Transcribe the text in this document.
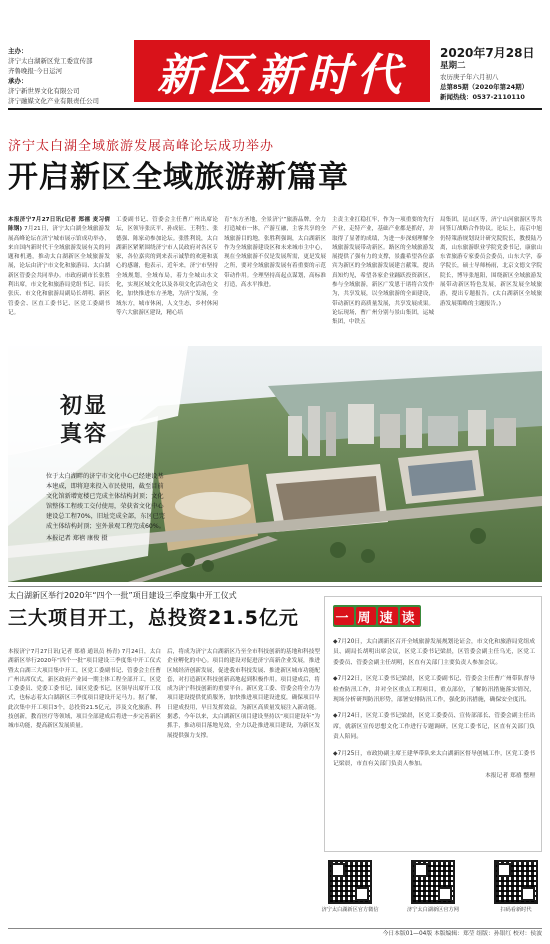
主办：
济宁太白湖新区党工委宣传部
齐鲁晚报·今日运河
承办：
济宁新世界文化有限公司
济宁融媒文化产业有限责任公司	新区新时代	2020年7月28日
星期二
农历庚子年六月初八
总第85期（2020年第24期）
新闻热线：0537-2110110
济宁太白湖全域旅游发展高峰论坛成功举办
开启新区全域旅游新篇章
本报济宁7月27日讯(记者 郑禧 麦习倩 陈钢) 7月21日，济宁太白湖全域旅游发展高峰论坛在济宁城市展示馆成功举办，来自国内新时代干全域旅游发展有关的问题和机遇，推动太白湖新区全域旅游发展，论坛由济宁市文化和旅游局、太白湖新区管委会共同举办。市政府副市长张胜利出席，市文化和旅游局党组书记、局长张庆、市文化和旅游局副局长胡明、新区管委会、区直工委书记、区党工委副书记。
工委副书记、管委会主任曹广州出席论坛，区领导张庆平、孙成征、王利生、张德强、陈家动参加论坛。张胜利说，太白湖新区紧紧围绕济宁市人民政府对各区专家，各位嘉宾的到来表示诚挚的欢迎和衷心的感谢，他表示，近年来，济宁市坚持全域规划，全域布局，着力全城山水文化，实现区域文化以及各项文化活动色文化，加快推进东方圣地，为济宁发展，全域东方，城市休闲，人文生态，乡村休闲等六大旅游区建设，精心培
育“东方圣地，全景济宁”旅游品牌，全力打造城市一体，产游互融，主客共享的全域旅游目的地，张胜利强调，太白湖新区作为全域旅游建设区和未来城市主中心，现在全域旅游不仅是发展所需，更是发展之所，要对全域旅游发展有着重要的示范带动作用。全理坚持高起点谋划，高标准打造，高水平推进。
主责主业扛稳扛牢，作为一项重要的先行产业，走特产业，基础产业都是抓好，并取得了显著的成绩，为进一步深刻理解全域旅游发展带动新区。路区的全域旅游发展提供了强有力的支撑，景鑫希望各位嘉宾为新区的全域旅游发展建言献策，提出真知灼见，希望各家企业踊跃投资新区，参与全域旅游，新区广发恩于诸将合发作为，共享发展，以全域旅游的全面建设，带动新区的高质量发展，共享发展成果。论坛现场，曹广州分别与景山集团，运城集团，中铁五
局集团，昆山区等，济宁山河旅游区等共同签订战略合作协议。论坛上，南京中旭仍特策游规划设计研究院院长，教授陆乃离，山东旅游职业学院党委书记，康旅山东省旅游专家委员会委员，山东大学，泰学院长，硕士导师杨雨，北京文德文学院院长，博导张旭阳，围绕新区全域旅游发展带动新区特色发展，新区发展全域旅游，提出专题报告，(太白湖新区全域旅游发展策略的主题报告。)
初显
真容
位于太白湖畔的济宁市文化中心已经建设基本建成，即将迎来投入市民使用，截至目前文化馆新增宽楼已完成主体结构封顶；文化馆整体工程竣工交付使用，荣获省文化中心建设总工程70%，旧址完成全部，东区已完成主体结构封顶；室外景观工程完成60%。
本报记者 郑禧 康俊 摄
太白湖新区举行2020年“四个一批”项目建设三季度集中开工仪式
三大项目开工，总投资21.5亿元
本报济宁7月27日讯(记者 郑禧 通讯员 杨青) 7月24日，太白湖新区举行2020年“四个一批”项目建设三季度集中开工仪式暨太白湖三大项目集中开工，区党工委副书记、管委会主任曹广州出席仪式，新区政府产业园一期主体工程全部开工，区党工委委员、党委工委书记、园区党委书记，区领导出席开工仪式，也标志着太白湖新区三季度项目建设开足马力。据了解，此次集中开工项目3个，总投资21.5亿元，涉及文化旅游、科技创新，教育医疗等领域，项目全部建成后将进一步完善新区城市功能，提高新区发展质量。
后，将成为济宁太白湖新区乃至全市科技创新的基地和科技型企业孵化的中心。项目的建设对促进济宁高新企业发展，推进区域经济创新发展，促进我市科技发展、推进新区城市功能配套，对打造新区科技创新高地起到积极作用。项目建成后，将成为济宁科技创新的重要平台。新区党工委、管委会将全力为项目建设提供优质服务，加快推进项目建设进度，确保项目早日建成投用，早日发挥效益，为新区高质量发展注入新动能。据悉，今年以来，太白湖新区项目建设坚持以“项目建设年”为抓手，推动项目落地见效，全力以赴推进项目建设，为新区发展提供强力支撑。
一 周 速 读

◆7月20日，太白湖新区召开全域旅游发展规划论证会，市文化和旅游局党组成员、副局长胡明出席会议，区党工委书记梁晨，区管委会副主任乌光，区党工委委员、管委会副主任胡明，区直有关部门主要负责人参加会议。

◆7月22日，区党工委书记梁晨，区党工委副书记、管委会主任曹广州带队督导检查防汛工作，并对全区重点工程项目，重点部位，了解防汛措施落实情况，现场分析研判防汛形势，部署安排防汛工作，强化防汛措施，确保安全度汛。

◆7月24日，区党工委书记梁晨，区党工委委员、宣传部部长、管委会副主任出席，就新区宣传思想文化工作进行专题调研，区党工委书记，区直有关部门负责人陪同。

◆7月25日，市政协副主席王建华带队来太白湖新区督导创城工作，区党工委书记梁晨，市直有关部门负责人参加。

本报记者 郑禧 整理
济宁太白湖新区官方微信	济宁太白湖新区官方网	扫码看新时代
今日本版01—04版 本版编辑：郑莹 组版：孙银红 校对：侯波
